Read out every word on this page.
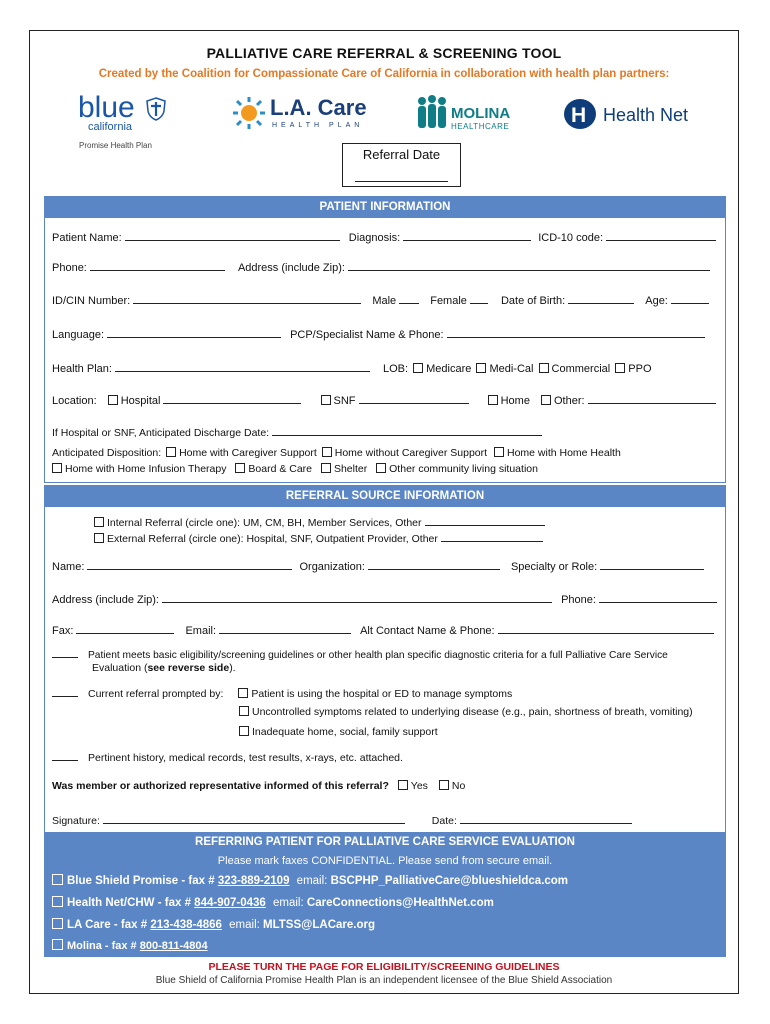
PALLIATIVE CARE REFERRAL & SCREENING TOOL
Created by the Coalition for Compassionate Care of California in collaboration with health plan partners:
blue
california
Promise Health Plan
L.A. Care
HEALTH PLAN
MOLINA
HEALTHCARE	H Health Net
Referral Date
PATIENT INFORMATION
Patient Name:	Diagnosis:	ICD-10 code:
Phone:	Address (include Zip):
ID/CIN Number:	Male	Female	Date of Birth:	Age:
Language:	PCP/Specialist Name & Phone:
Health Plan:	LOB: Medicare Medi-Cal Commercial PPO
Location: Hospital	SNF	Home Other:
If Hospital or SNF, Anticipated Discharge Date:
Anticipated Disposition: Home with Caregiver Support Home without Caregiver Support Home with Home Health
Home with Home Infusion Therapy Board & Care Shelter Other community living situation
REFERRAL SOURCE INFORMATION
Internal Referral (circle one): UM, CM, BH, Member Services, Other
External Referral (circle one): Hospital, SNF, Outpatient Provider, Other
Name:	Organization:	Specialty or Role:
Address (include Zip):	Phone:
Fax:	Email:	Alt Contact Name & Phone:
Patient meets basic eligibility/screening guidelines or other health plan specific diagnostic criteria for a full Palliative Care Service
Evaluation (see reverse side).
Current referral prompted by:	Patient is using the hospital or ED to manage symptoms
Uncontrolled symptoms related to underlying disease (e.g., pain, shortness of breath, vomiting)
Inadequate home, social, family support
Pertinent history, medical records, test results, x-rays, etc. attached.
Was member or authorized representative informed of this referral? Yes No
Signature:	Date:
REFERRING PATIENT FOR PALLIATIVE CARE SERVICE EVALUATION
Please mark faxes CONFIDENTIAL. Please send from secure email.
Blue Shield Promise - fax # 323-889-2109 email: BSCPHP_PalliativeCare@blueshieldca.com
Health Net/CHW - fax # 844-907-0436 email: CareConnections@HealthNet.com
LA Care - fax # 213-438-4866 email: MLTSS@LACare.org
Molina - fax # 800-811-4804
PLEASE TURN THE PAGE FOR ELIGIBILITY/SCREENING GUIDELINES
Blue Shield of California Promise Health Plan is an independent licensee of the Blue Shield Association
